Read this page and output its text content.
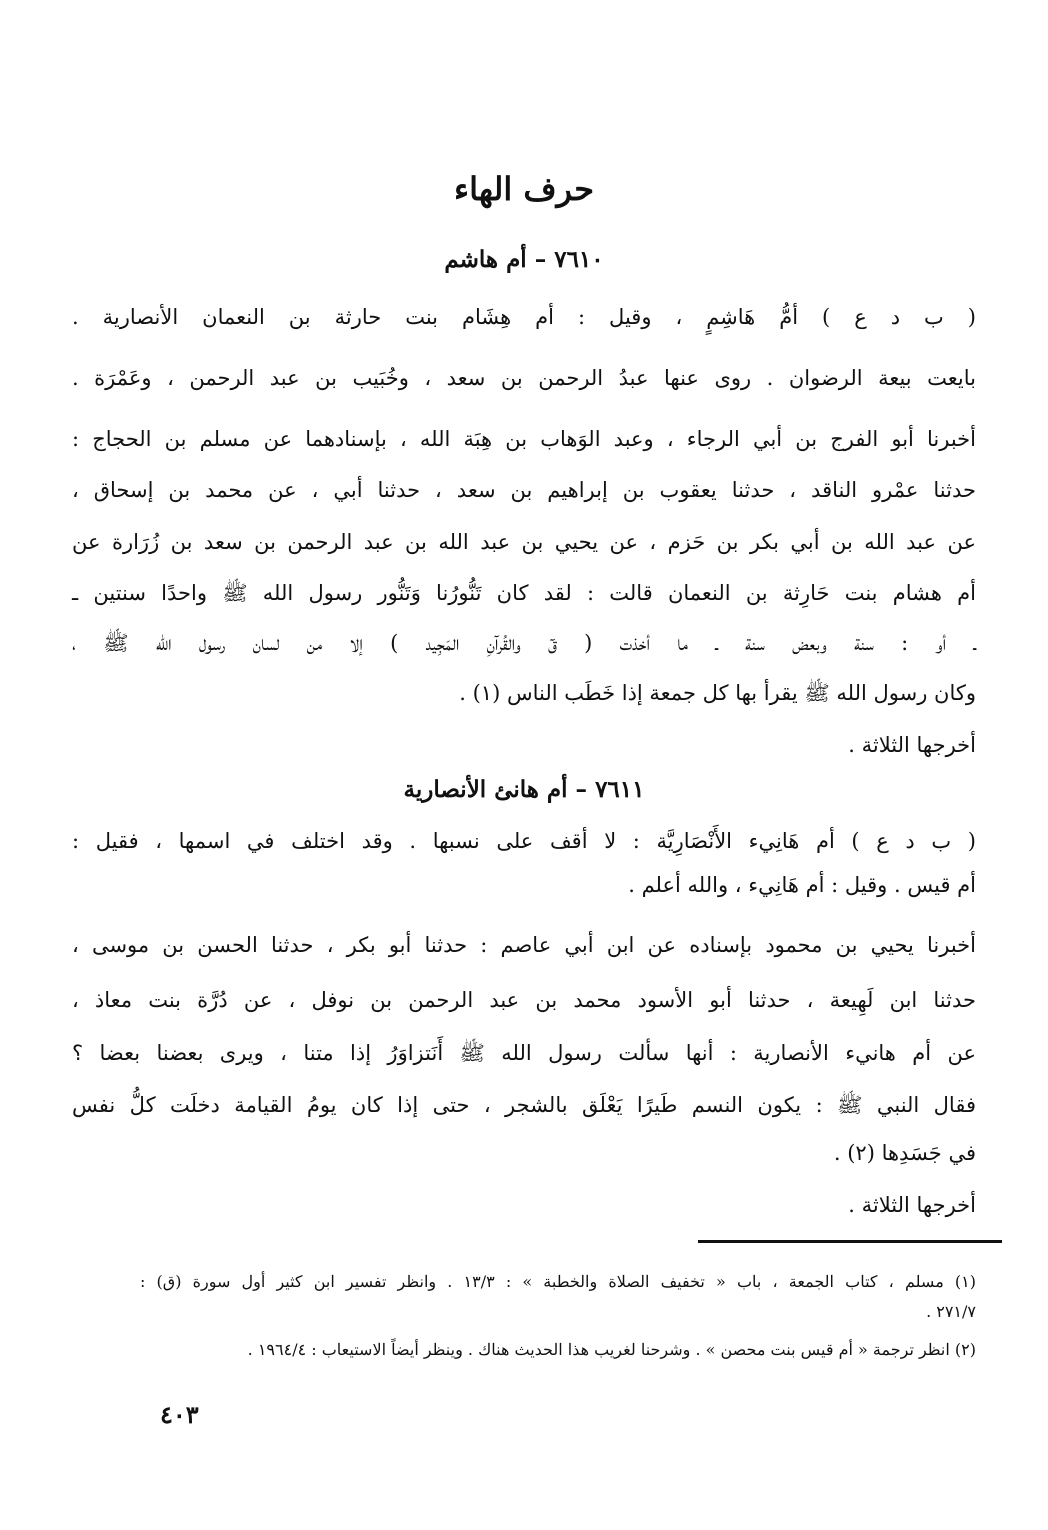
حرف الهاء
٧٦١٠ – أم هاشم
( ب د ع ) أمُّ هَاشِمٍ ، وقيل : أم هِشَام بنت حارثة بن النعمان الأنصارية .
بايعت بيعة الرضوان . روى عنها عبدُ الرحمن بن سعد ، وخُبَيب بن عبد الرحمن ، وعَمْرَة .
أخبرنا أبو الفرج بن أبي الرجاء ، وعبد الوَهاب بن هِبَة الله ، بإسنادهما عن مسلم بن الحجاج :
حدثنا عمْرو الناقد ، حدثنا يعقوب بن إبراهيم بن سعد ، حدثنا أبي ، عن محمد بن إسحاق ،
عن عبد الله بن أبي بكر بن حَزم ، عن يحيي بن عبد الله بن عبد الرحمن بن سعد بن زُرَارة عن
أم هشام بنت حَارِثة بن النعمان قالت : لقد كان تَنُّورُنا وَتَنُّور رسول الله ﷺ واحدًا سنتين ـ
ـ أو : سنة وبعض سنة ـ ما أخذت ( قٓ والقُرآنِ المَجِيد ) إلا من لسان رسول الله ﷺ ،
وكان رسول الله ﷺ يقرأ بها كل جمعة إذا خَطَب الناس (١) .
أخرجها الثلاثة .
٧٦١١ – أم هانئ الأنصارية
( ب د ع ) أم هَانِيء الأَنْصَارِيَّة : لا أقف على نسبها . وقد اختلف في اسمها ، فقيل :
أم قيس . وقيل : أم هَانِيء ، والله أعلم .
أخبرنا يحيي بن محمود بإسناده عن ابن أبي عاصم : حدثنا أبو بكر ، حدثنا الحسن بن موسى ،
حدثنا ابن لَهِيعة ، حدثنا أبو الأسود محمد بن عبد الرحمن بن نوفل ، عن دُرَّة بنت معاذ ،
عن أم هانيء الأنصارية : أنها سألت رسول الله ﷺ أَنَتزاوَرُ إذا متنا ، ويرى بعضنا بعضا ؟
فقال النبي ﷺ : يكون النسم طَيرًا يَعْلَق بالشجر ، حتى إذا كان يومُ القيامة دخلَت كلُّ نفس
في جَسَدِها (٢) .
أخرجها الثلاثة .
(١) مسلم ، كتاب الجمعة ، باب « تخفيف الصلاة والخطبة » : ١٣/٣ . وانظر تفسير ابن كثير أول سورة (ق) :
٢٧١/٧ .
(٢) انظر ترجمة « أم قيس بنت محصن » . وشرحنا لغريب هذا الحديث هناك . وينظر أيضاً الاستيعاب : ١٩٦٤/٤ .
٤٠٣
